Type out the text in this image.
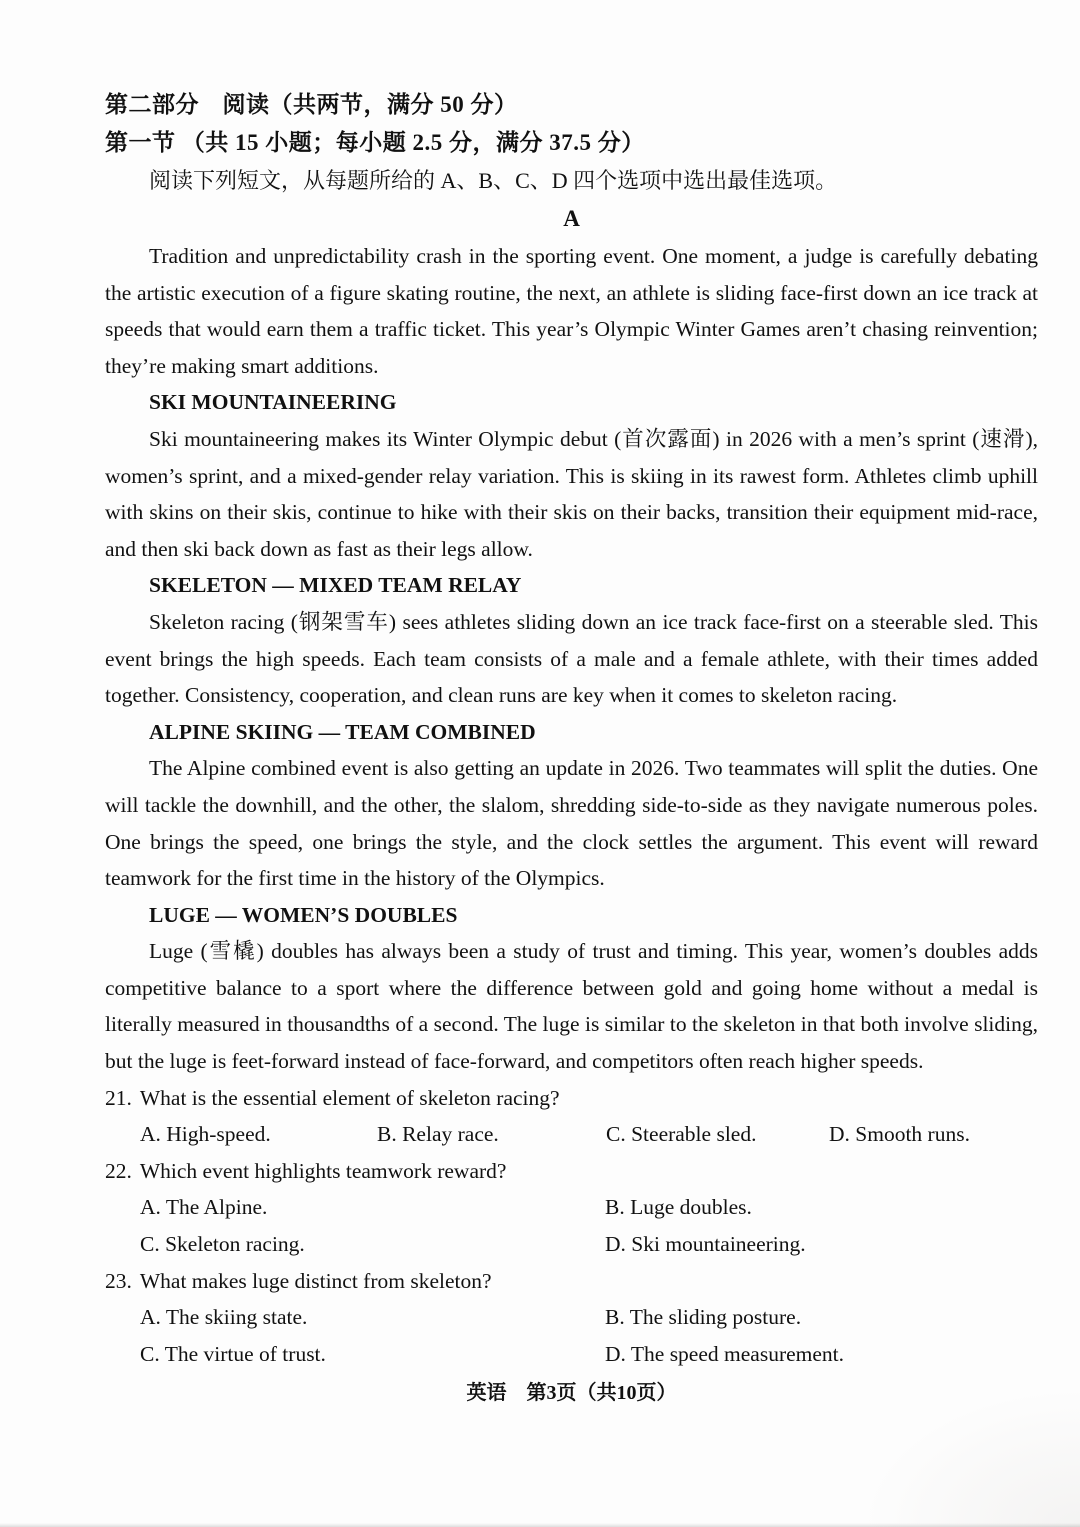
第二部分　阅读（共两节，满分 50 分）
第一节 （共 15 小题；每小题 2.5 分，满分 37.5 分）
阅读下列短文，从每题所给的 A、B、C、D 四个选项中选出最佳选项。
A

Tradition and unpredictability crash in the sporting event. One moment, a judge is carefully debating the artistic execution of a figure skating routine, the next, an athlete is sliding face-first down an ice track at speeds that would earn them a traffic ticket. This year’s Olympic Winter Games aren’t chasing reinvention; they’re making smart additions.

SKI MOUNTAINEERING

Ski mountaineering makes its Winter Olympic debut (首次露面) in 2026 with a men’s sprint (速滑), women’s sprint, and a mixed-gender relay variation. This is skiing in its rawest form. Athletes climb uphill with skins on their skis, continue to hike with their skis on their backs, transition their equipment mid-race, and then ski back down as fast as their legs allow.

SKELETON — MIXED TEAM RELAY

Skeleton racing (钢架雪车) sees athletes sliding down an ice track face-first on a steerable sled. This event brings the high speeds. Each team consists of a male and a female athlete, with their times added together. Consistency, cooperation, and clean runs are key when it comes to skeleton racing.

ALPINE SKIING — TEAM COMBINED

The Alpine combined event is also getting an update in 2026. Two teammates will split the duties. One will tackle the downhill, and the other, the slalom, shredding side-to-side as they navigate numerous poles. One brings the speed, one brings the style, and the clock settles the argument. This event will reward teamwork for the first time in the history of the Olympics.

LUGE — WOMEN’S DOUBLES

Luge (雪橇) doubles has always been a study of trust and timing. This year, women’s doubles adds competitive balance to a sport where the difference between gold and going home without a medal is literally measured in thousandths of a second. The luge is similar to the skeleton in that both involve sliding, but the luge is feet-forward instead of face-forward, and competitors often reach higher speeds.

21. What is the essential element of skeleton racing?
A. High-speed.	B. Relay race.	C. Steerable sled.	D. Smooth runs.
22. Which event highlights teamwork reward?
A. The Alpine.	B. Luge doubles.
C. Skeleton racing.	D. Ski mountaineering.
23. What makes luge distinct from skeleton?
A. The skiing state.	B. The sliding posture.
C. The virtue of trust.	D. The speed measurement.
英语　第3页（共10页）
